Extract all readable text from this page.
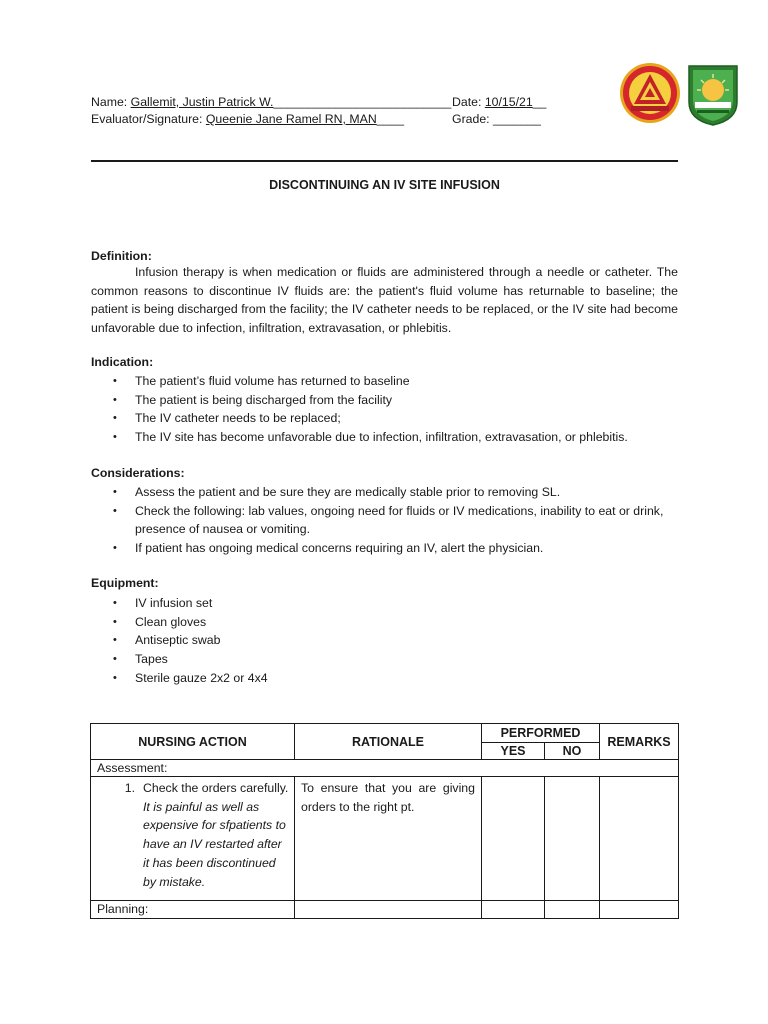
Name: Gallemit, Justin Patrick W.__________________________ Date: 10/15/21__
Evaluator/Signature: Queenie Jane Ramel RN, MAN____	Grade: _______
DISCONTINUING AN IV SITE INFUSION
Definition:
Infusion therapy is when medication or fluids are administered through a needle or catheter. The common reasons to discontinue IV fluids are: the patient's fluid volume has returnable to baseline; the patient is being discharged from the facility; the IV catheter needs to be replaced, or the IV site had become unfavorable due to infection, infiltration, extravasation, or phlebitis.
Indication:
• The patient’s fluid volume has returned to baseline
• The patient is being discharged from the facility
• The IV catheter needs to be replaced;
• The IV site has become unfavorable due to infection, infiltration, extravasation, or phlebitis.
Considerations:
• Assess the patient and be sure they are medically stable prior to removing SL.
• Check the following: lab values, ongoing need for fluids or IV medications, inability to eat or drink, presence of nausea or vomiting.
• If patient has ongoing medical concerns requiring an IV, alert the physician.
Equipment:
• IV infusion set
• Clean gloves
• Antiseptic swab
• Tapes
• Sterile gauze 2x2 or 4x4
NURSING ACTION	RATIONALE	PERFORMED		REMARKS
		YES	NO	
Assessment:				

1. Check the orders carefully. It is painful as well as expensive for sfpatients to have an IV restarted after it has been discontinued by mistake.	To ensure that you are giving orders to the right pt.			
Planning:				
